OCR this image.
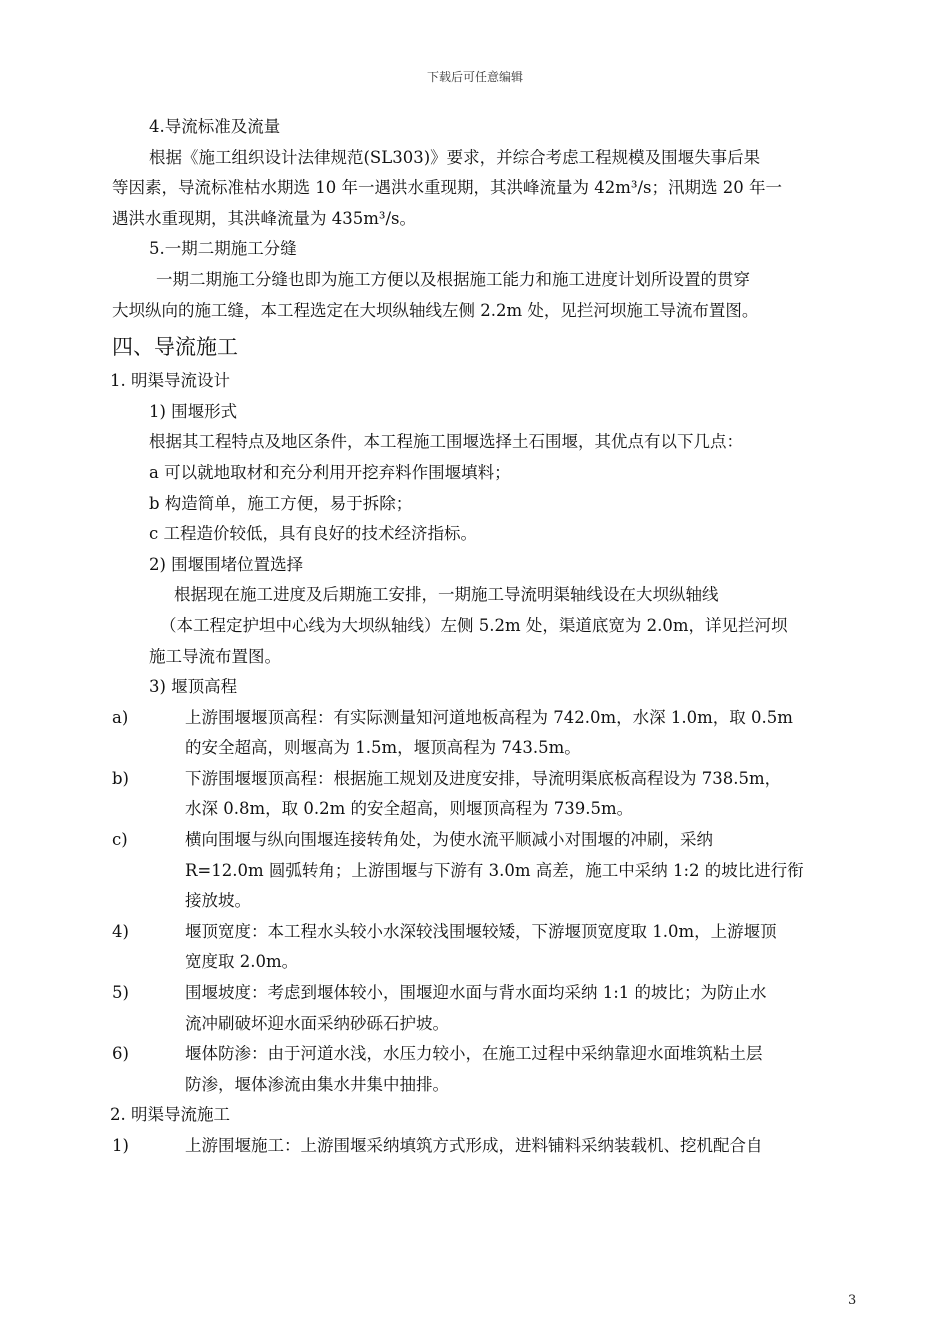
下载后可任意编辑
4.导流标准及流量
根据《施工组织设计法律规范(SL303)》要求，并综合考虑工程规模及围堰失事后果
等因素，导流标准枯水期选 10 年一遇洪水重现期，其洪峰流量为 42m³/s；汛期选 20 年一
遇洪水重现期，其洪峰流量为 435m³/s。
5.一期二期施工分缝
一期二期施工分缝也即为施工方便以及根据施工能力和施工进度计划所设置的贯穿
大坝纵向的施工缝，本工程选定在大坝纵轴线左侧 2.2m 处，见拦河坝施工导流布置图。
四、导流施工
1. 明渠导流设计
1) 围堰形式
根据其工程特点及地区条件，本工程施工围堰选择土石围堰，其优点有以下几点：
a 可以就地取材和充分利用开挖弃料作围堰填料；
b 构造简单，施工方便，易于拆除；
c 工程造价较低，具有良好的技术经济指标。
2) 围堰围堵位置选择
根据现在施工进度及后期施工安排，一期施工导流明渠轴线设在大坝纵轴线
（本工程定护坦中心线为大坝纵轴线）左侧 5.2m 处，渠道底宽为 2.0m，详见拦河坝
施工导流布置图。
3) 堰顶高程
a)	上游围堰堰顶高程：有实际测量知河道地板高程为 742.0m，水深 1.0m，取 0.5m
的安全超高，则堰高为 1.5m，堰顶高程为 743.5m。
b)	下游围堰堰顶高程：根据施工规划及进度安排，导流明渠底板高程设为 738.5m，
水深 0.8m，取 0.2m 的安全超高，则堰顶高程为 739.5m。
c)	横向围堰与纵向围堰连接转角处，为使水流平顺减小对围堰的冲刷，采纳
R=12.0m 圆弧转角；上游围堰与下游有 3.0m 高差，施工中采纳 1:2 的坡比进行衔
接放坡。
4)	堰顶宽度：本工程水头较小水深较浅围堰较矮，下游堰顶宽度取 1.0m，上游堰顶
宽度取 2.0m。
5)	围堰坡度：考虑到堰体较小，围堰迎水面与背水面均采纳 1:1 的坡比；为防止水
流冲刷破坏迎水面采纳砂砾石护坡。
6)	堰体防渗：由于河道水浅，水压力较小，在施工过程中采纳靠迎水面堆筑粘土层
防渗，堰体渗流由集水井集中抽排。
2. 明渠导流施工
1)	上游围堰施工：上游围堰采纳填筑方式形成，进料铺料采纳装载机、挖机配合自
3
